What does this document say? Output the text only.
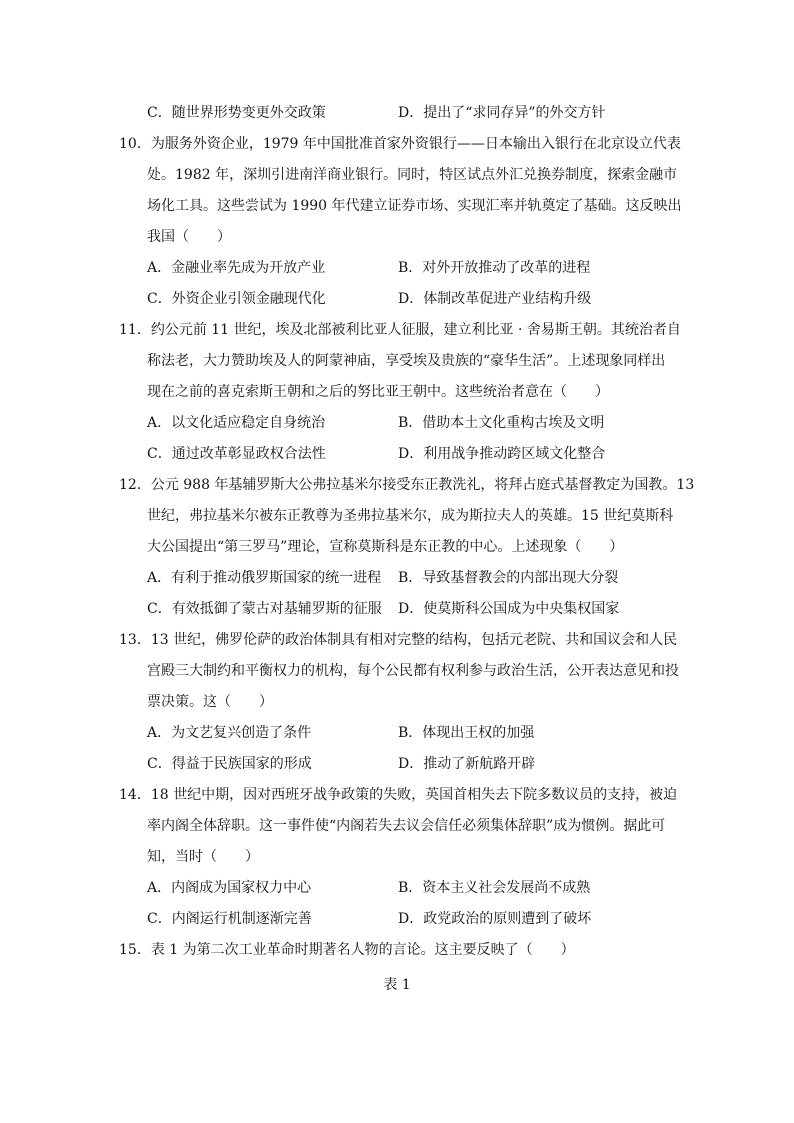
C．随世界形势变更外交政策	D．提出了“求同存异”的外交方针
10．为服务外资企业，1979 年中国批准首家外资银行——日本输出入银行在北京设立代表
处。1982 年，深圳引进南洋商业银行。同时，特区试点外汇兑换券制度，探索金融市
场化工具。这些尝试为 1990 年代建立证券市场、实现汇率并轨奠定了基础。这反映出
我国（　　）
A．金融业率先成为开放产业	B．对外开放推动了改革的进程
C．外资企业引领金融现代化	D．体制改革促进产业结构升级
11．约公元前 11 世纪，埃及北部被利比亚人征服，建立利比亚 · 舍易斯王朝。其统治者自
称法老，大力赞助埃及人的阿蒙神庙，享受埃及贵族的“豪华生活”。上述现象同样出
现在之前的喜克索斯王朝和之后的努比亚王朝中。这些统治者意在（　　）
A．以文化适应稳定自身统治	B．借助本土文化重构古埃及文明
C．通过改革彰显政权合法性	D．利用战争推动跨区域文化整合
12．公元 988 年基辅罗斯大公弗拉基米尔接受东正教洗礼，将拜占庭式基督教定为国教。13
世纪，弗拉基米尔被东正教尊为圣弗拉基米尔，成为斯拉夫人的英雄。15 世纪莫斯科
大公国提出“第三罗马”理论，宣称莫斯科是东正教的中心。上述现象（　　）
A．有利于推动俄罗斯国家的统一进程 B．导致基督教会的内部出现大分裂
C．有效抵御了蒙古对基辅罗斯的征服 D．使莫斯科公国成为中央集权国家
13．13 世纪，佛罗伦萨的政治体制具有相对完整的结构，包括元老院、共和国议会和人民
宫殿三大制约和平衡权力的机构，每个公民都有权利参与政治生活，公开表达意见和投
票决策。这（　　）
A．为文艺复兴创造了条件	B．体现出王权的加强
C．得益于民族国家的形成	D．推动了新航路开辟
14．18 世纪中期，因对西班牙战争政策的失败，英国首相失去下院多数议员的支持，被迫
率内阁全体辞职。这一事件使“内阁若失去议会信任必须集体辞职”成为惯例。据此可
知，当时（　　）
A．内阁成为国家权力中心	B．资本主义社会发展尚不成熟
C．内阁运行机制逐渐完善	D．政党政治的原则遭到了破坏
15．表 1 为第二次工业革命时期著名人物的言论。这主要反映了（　　）
表 1
